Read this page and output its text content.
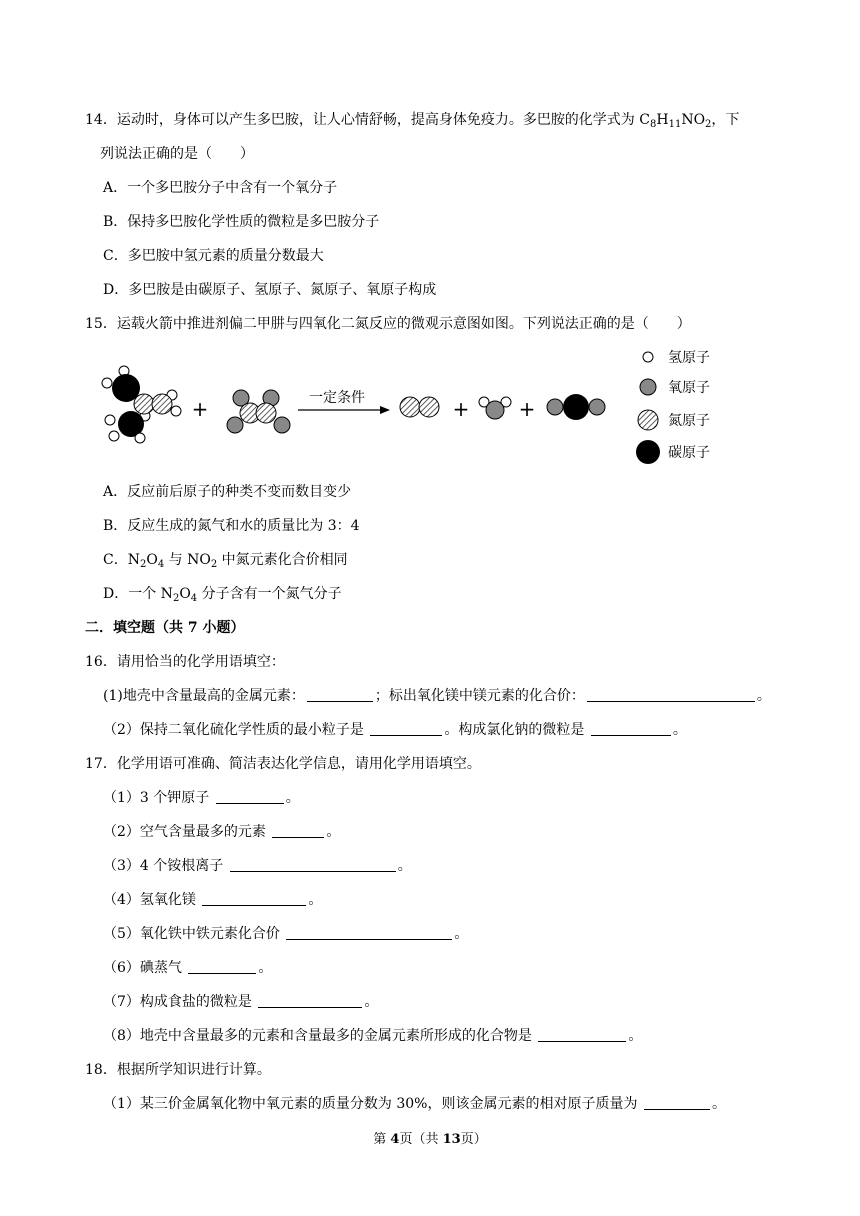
14．运动时，身体可以产生多巴胺，让人心情舒畅，提高身体免疫力。多巴胺的化学式为 $C_8H_{11}NO_2$，下
列说法正确的是（　　）
A．一个多巴胺分子中含有一个氧分子
B．保持多巴胺化学性质的微粒是多巴胺分子
C．多巴胺中氢元素的质量分数最大
D．多巴胺是由碳原子、氢原子、氮原子、氧原子构成
15．运载火箭中推进剂偏二甲肼与四氧化二氮反应的微观示意图如图。下列说法正确的是（　　）
+	一定条件	+ +
氢原子
氧原子
氮原子
碳原子
A．反应前后原子的种类不变而数目变少
B．反应生成的氮气和水的质量比为 3：4
C．$N_2O_4$ 与 $NO_2$ 中氮元素化合价相同
D．一个 $N_2O_4$ 分子含有一个氮气分子
二．填空题（共 7 小题）
16．请用恰当的化学用语填空：
(1)地壳中含量最高的金属元素：	；标出氧化镁中镁元素的化合价：	。
（2）保持二氧化硫化学性质的最小粒子是	。构成氯化钠的微粒是	。
17．化学用语可准确、简洁表达化学信息，请用化学用语填空。
（1）3 个钾原子	。
（2）空气含量最多的元素	。
（3）4 个铵根离子	。
（4）氢氧化镁	。
（5）氧化铁中铁元素化合价	。
（6）碘蒸气	。
（7）构成食盐的微粒是	。
（8）地壳中含量最多的元素和含量最多的金属元素所形成的化合物是	。
18．根据所学知识进行计算。
（1）某三价金属氧化物中氧元素的质量分数为 30%，则该金属元素的相对原子质量为	。
第 4页（共 13页）
